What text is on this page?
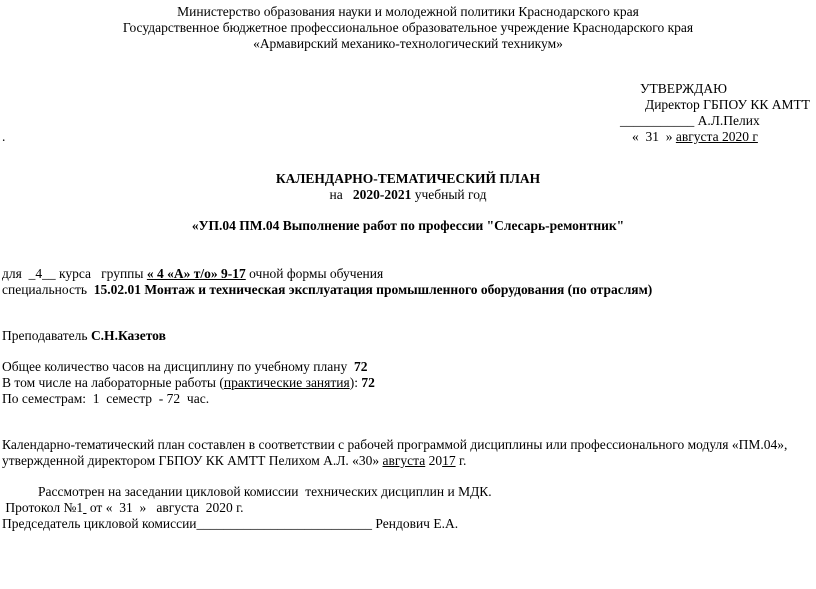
Министерство образования науки и молодежной политики Краснодарского края
Государственное бюджетное профессиональное образовательное учреждение Краснодарского края
«Армавирский механико-технологический техникум»
УТВЕРЖДАЮ
Директор ГБПОУ КК АМТТ
___________ А.Л.Пелих
.	«  31  » августа 2020 г
КАЛЕНДАРНО-ТЕМАТИЧЕСКИЙ ПЛАН
на   2020-2021 учебный год
«УП.04 ПМ.04 Выполнение работ по профессии "Слесарь-ремонтник"
для  _4__ курса   группы « 4 «А» т/о» 9-17 очной формы обучения
специальность  15.02.01 Монтаж и техническая эксплуатация промышленного оборудования (по отраслям)
Преподаватель С.Н.Казетов
Общее количество часов на дисциплину по учебному плану  72
В том числе на лабораторные работы (практические занятия): 72
По семестрам:  1  семестр  - 72  час.
Календарно-тематический план составлен в соответствии с рабочей программой дисциплины или профессионального модуля «ПМ.04»,
утвержденной директором ГБПОУ КК АМТТ Пелихом А.Л. «30» августа 2017 г.
Рассмотрен на заседании цикловой комиссии  технических дисциплин и МДК.
Протокол №1  от «  31  »   августа  2020 г.
Председатель цикловой комиссии__________________________ Рендович Е.А.
